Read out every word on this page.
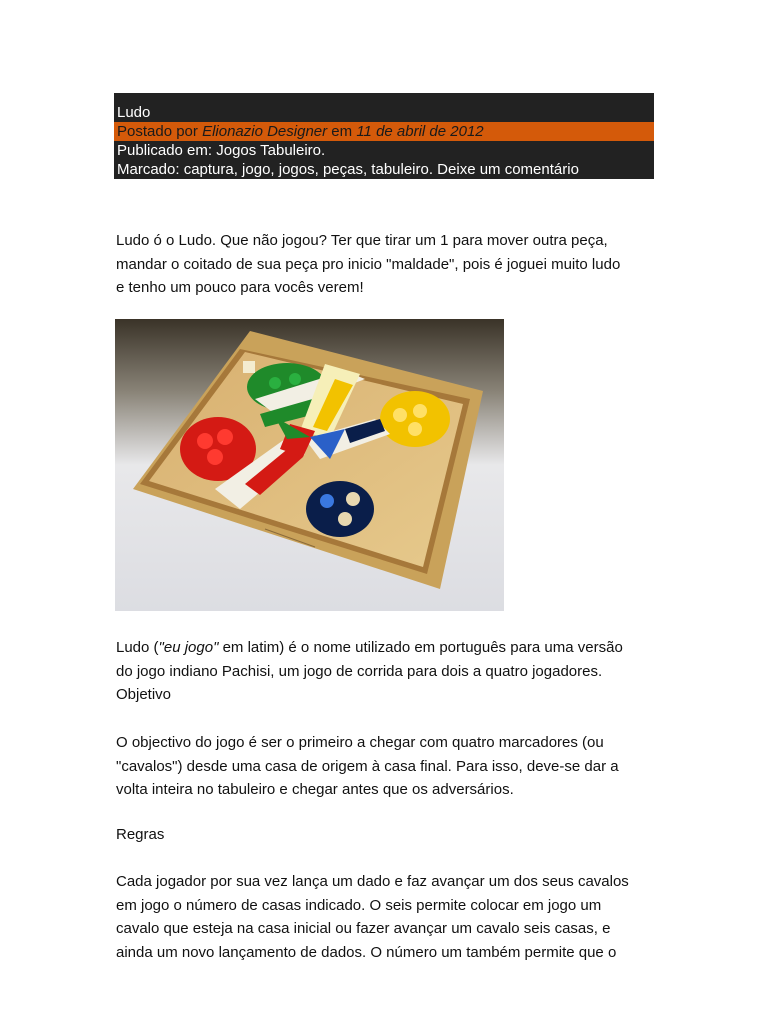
Ludo
Postado por Elionazio Designer em 11 de abril de 2012
Publicado em: Jogos Tabuleiro.
Marcado: captura, jogo, jogos, peças, tabuleiro. Deixe um comentário
Ludo ó o Ludo. Que não jogou? Ter que tirar um 1 para mover outra peça,
mandar o coitado de sua peça pro inicio "maldade", pois é joguei muito ludo
e tenho um pouco para vocês verem!
Ludo ("eu jogo" em latim) é o nome utilizado em português para uma versão
do jogo indiano Pachisi, um jogo de corrida para dois a quatro jogadores.
Objetivo
O objectivo do jogo é ser o primeiro a chegar com quatro marcadores (ou
"cavalos") desde uma casa de origem à casa final. Para isso, deve-se dar a
volta inteira no tabuleiro e chegar antes que os adversários.
Regras
Cada jogador por sua vez lança um dado e faz avançar um dos seus cavalos
em jogo o número de casas indicado. O seis permite colocar em jogo um
cavalo que esteja na casa inicial ou fazer avançar um cavalo seis casas, e
ainda um novo lançamento de dados. O número um também permite que o
